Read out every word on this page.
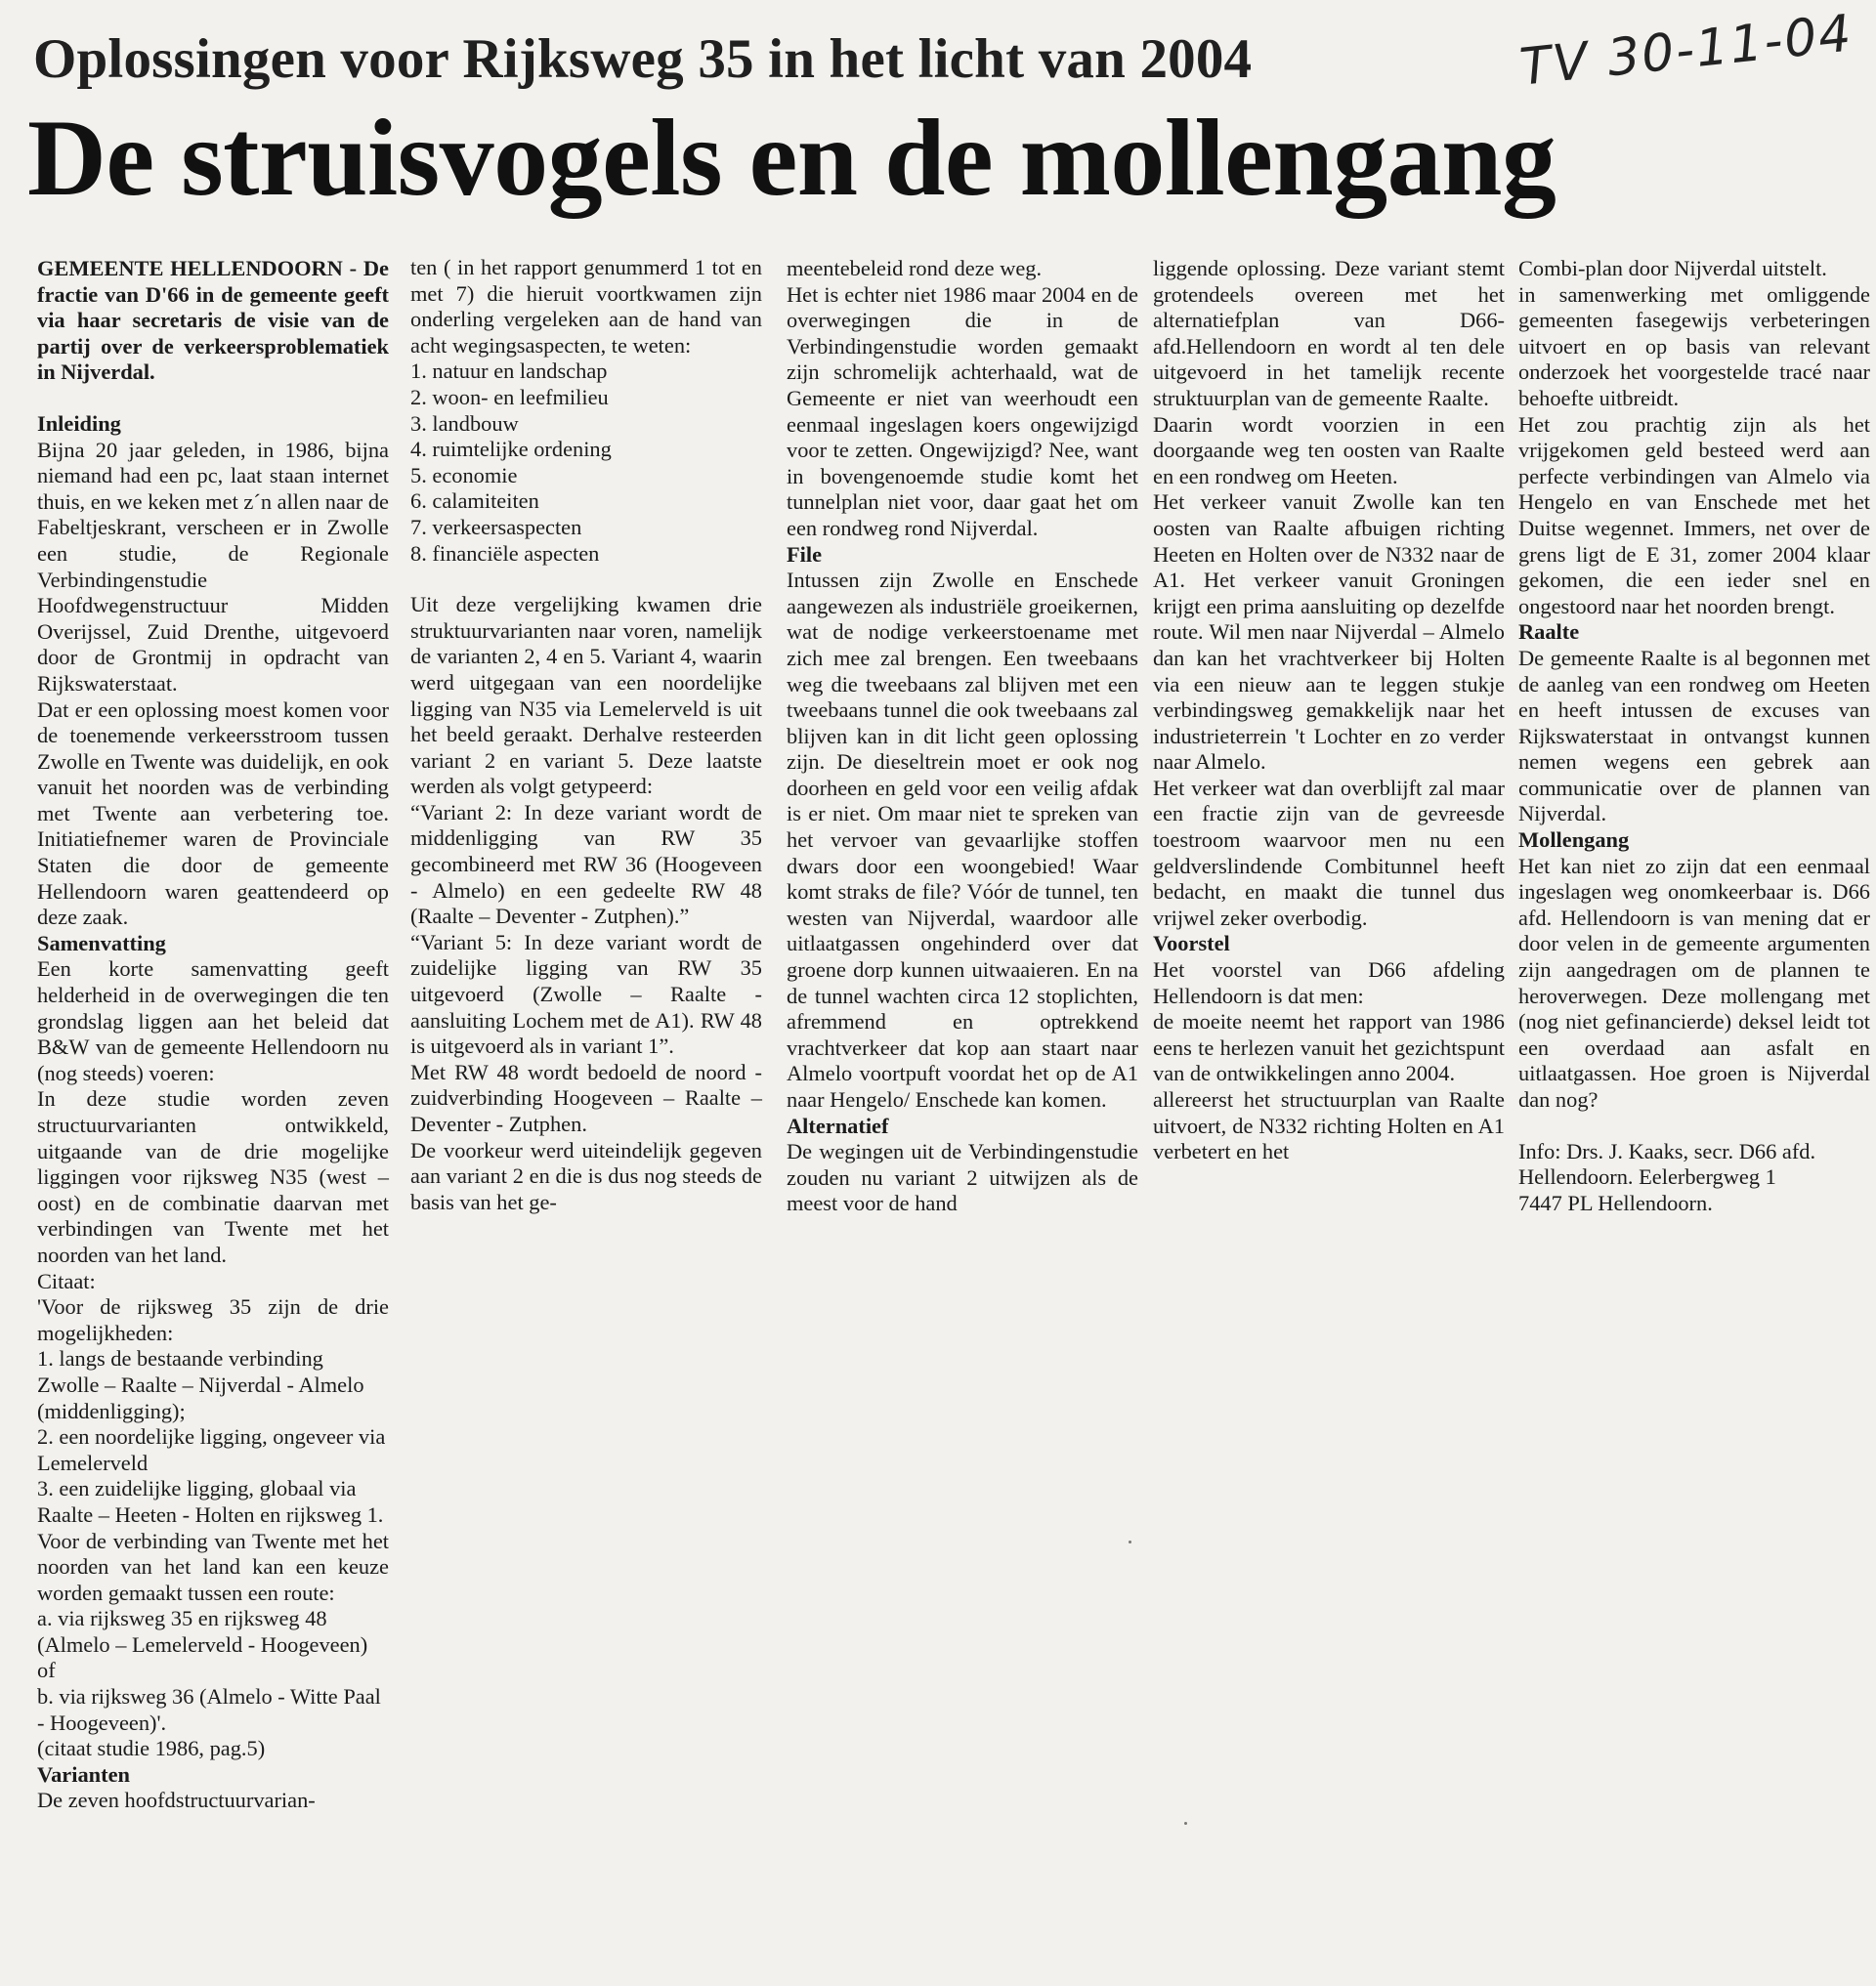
Oplossingen voor Rijksweg 35 in het licht van 2004	TV 30-11-04
De struisvogels en de mollengang

GEMEENTE HELLENDOORN - De fractie van D'66 in de gemeente geeft via haar secretaris de visie van de partij over de verkeersproblematiek in Nijverdal.

Inleiding

Bijna 20 jaar geleden, in 1986, bijna niemand had een pc, laat staan internet thuis, en we keken met z´n allen naar de Fabeltjeskrant, verscheen er in Zwolle een studie, de Regionale Verbindingenstudie Hoofdwegenstructuur Midden Overijssel, Zuid Drenthe, uitgevoerd door de Grontmij in opdracht van Rijkswaterstaat.

Dat er een oplossing moest komen voor de toenemende verkeersstroom tussen Zwolle en Twente was duidelijk, en ook vanuit het noorden was de verbinding met Twente aan verbetering toe. Initiatiefnemer waren de Provinciale Staten die door de gemeente Hellendoorn waren geattendeerd op deze zaak.

Samenvatting

Een korte samenvatting geeft helderheid in de overwegingen die ten grondslag liggen aan het beleid dat B&W van de gemeente Hellendoorn nu (nog steeds) voeren:

In deze studie worden zeven structuurvarianten ontwikkeld, uitgaande van de drie mogelijke liggingen voor rijksweg N35 (west – oost) en de combinatie daarvan met verbindingen van Twente met het noorden van het land.

Citaat:

'Voor de rijksweg 35 zijn de drie mogelijkheden:

1. langs de bestaande verbinding Zwolle – Raalte – Nijverdal - Almelo (middenligging);
2. een noordelijke ligging, ongeveer via Lemelerveld
3. een zuidelijke ligging, globaal via Raalte – Heeten - Holten en rijksweg 1.

Voor de verbinding van Twente met het noorden van het land kan een keuze worden gemaakt tussen een route:

a. via rijksweg 35 en rijksweg 48 (Almelo – Lemelerveld - Hoogeveen) of
b. via rijksweg 36 (Almelo - Witte Paal - Hoogeveen)'.

(citaat studie 1986, pag.5)

Varianten

De zeven hoofdstructuurvarian-

ten ( in het rapport genummerd 1 tot en met 7) die hieruit voortkwamen zijn onderling vergeleken aan de hand van acht wegingsaspecten, te weten:

1. natuur en landschap
2. woon- en leefmilieu
3. landbouw
4. ruimtelijke ordening
5. economie
6. calamiteiten
7. verkeersaspecten
8. financiële aspecten

Uit deze vergelijking kwamen drie struktuurvarianten naar voren, namelijk de varianten 2, 4 en 5. Variant 4, waarin werd uitgegaan van een noordelijke ligging van N35 via Lemelerveld is uit het beeld geraakt. Derhalve resteerden variant 2 en variant 5. Deze laatste werden als volgt getypeerd:

“Variant 2: In deze variant wordt de middenligging van RW 35 gecombineerd met RW 36 (Hoogeveen - Almelo) en een gedeelte RW 48 (Raalte – Deventer - Zutphen).”

“Variant 5: In deze variant wordt de zuidelijke ligging van RW 35 uitgevoerd (Zwolle – Raalte - aansluiting Lochem met de A1). RW 48 is uitgevoerd als in variant 1”.

Met RW 48 wordt bedoeld de noord - zuidverbinding Hoogeveen – Raalte –Deventer - Zutphen.

De voorkeur werd uiteindelijk gegeven aan variant 2 en die is dus nog steeds de basis van het ge-

meentebeleid rond deze weg.

Het is echter niet 1986 maar 2004 en de overwegingen die in de Verbindingenstudie worden gemaakt zijn schromelijk achterhaald, wat de Gemeente er niet van weerhoudt een eenmaal ingeslagen koers ongewijzigd voor te zetten. Ongewijzigd? Nee, want in bovengenoemde studie komt het tunnelplan niet voor, daar gaat het om een rondweg rond Nijverdal.

File

Intussen zijn Zwolle en Enschede aangewezen als industriële groeikernen, wat de nodige verkeerstoename met zich mee zal brengen. Een tweebaans weg die tweebaans zal blijven met een tweebaans tunnel die ook tweebaans zal blijven kan in dit licht geen oplossing zijn. De dieseltrein moet er ook nog doorheen en geld voor een veilig afdak is er niet. Om maar niet te spreken van het vervoer van gevaarlijke stoffen dwars door een woongebied! Waar komt straks de file? Vóór de tunnel, ten westen van Nijverdal, waardoor alle uitlaatgassen ongehinderd over dat groene dorp kunnen uitwaaieren. En na de tunnel wachten circa 12 stoplichten, afremmend en optrekkend vrachtverkeer dat kop aan staart naar Almelo voortpuft voordat het op de A1 naar Hengelo/ Enschede kan komen.

Alternatief

De wegingen uit de Verbindingenstudie zouden nu variant 2 uitwijzen als de meest voor de hand

liggende oplossing. Deze variant stemt grotendeels overeen met het alternatiefplan van D66-afd.Hellendoorn en wordt al ten dele uitgevoerd in het tamelijk recente struktuurplan van de gemeente Raalte.

Daarin wordt voorzien in een doorgaande weg ten oosten van Raalte en een rondweg om Heeten.

Het verkeer vanuit Zwolle kan ten oosten van Raalte afbuigen richting Heeten en Holten over de N332 naar de A1. Het verkeer vanuit Groningen krijgt een prima aansluiting op dezelfde route. Wil men naar Nijverdal – Almelo dan kan het vrachtverkeer bij Holten via een nieuw aan te leggen stukje verbindingsweg gemakkelijk naar het industrieterrein 't Lochter en zo verder naar Almelo.

Het verkeer wat dan overblijft zal maar een fractie zijn van de gevreesde toestroom waarvoor men nu een geldverslindende Combitunnel heeft bedacht, en maakt die tunnel dus vrijwel zeker overbodig.

Voorstel

Het voorstel van D66 afdeling Hellendoorn is dat men:

de moeite neemt het rapport van 1986 eens te herlezen vanuit het gezichtspunt van de ontwikkelingen anno 2004.

allereerst het structuurplan van Raalte uitvoert, de N332 richting Holten en A1 verbetert en het

Combi-plan door Nijverdal uitstelt.

in samenwerking met omliggende gemeenten fasegewijs verbeteringen uitvoert en op basis van relevant onderzoek het voorgestelde tracé naar behoefte uitbreidt.

Het zou prachtig zijn als het vrijgekomen geld besteed werd aan perfecte verbindingen van Almelo via Hengelo en van Enschede met het Duitse wegennet. Immers, net over de grens ligt de E 31, zomer 2004 klaar gekomen, die een ieder snel en ongestoord naar het noorden brengt.

Raalte

De gemeente Raalte is al begonnen met de aanleg van een rondweg om Heeten en heeft intussen de excuses van Rijkswaterstaat in ontvangst kunnen nemen wegens een gebrek aan communicatie over de plannen van Nijverdal.

Mollengang

Het kan niet zo zijn dat een eenmaal ingeslagen weg onomkeerbaar is. D66 afd. Hellendoorn is van mening dat er door velen in de gemeente argumenten zijn aangedragen om de plannen te heroverwegen. Deze mollengang met (nog niet gefinancierde) deksel leidt tot een overdaad aan asfalt en uitlaatgassen. Hoe groen is Nijverdal dan nog?

Info: Drs. J. Kaaks, secr. D66 afd.
Hellendoorn. Eelerbergweg 1
7447 PL Hellendoorn.
